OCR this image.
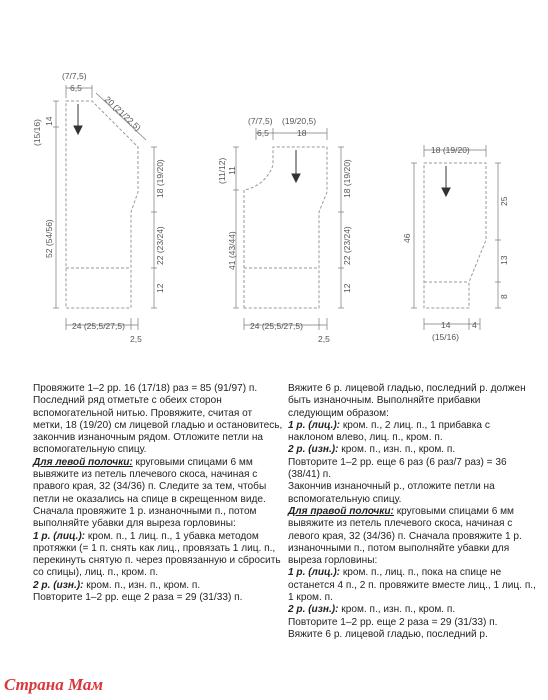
(7/7,5)
6,5
20 (21/22,5)
(15/16) 14
52 (54/56)
18 (19/20)
22 (23/24)
12
24 (25,5/27,5)
2,5
(7/7,5)
6,5
(19/20,5)
18
(11/12) 11
41 (43/44)
18 (19/20)
22 (23/24)
12
24 (25,5/27,5)
2,5
18 (19/20)
46
25
13
8
14	4
(15/16)

Провяжите 1–2 рр. 16 (17/18) раз = 85 (91/97) п. Последний ряд отметьте с обеих сторон вспомогательной нитью. Провяжите, считая от метки, 18 (19/20) см лицевой гладью и остановитесь, закончив изнаночным рядом. Отложите петли на вспомогательную спицу.

Для левой полочки: круговыми спицами 6 мм вывяжите из петель плечевого скоса, начиная с правого края, 32 (34/36) п. Следите за тем, чтобы петли не оказались на спице в скрещенном виде. Сначала провяжите 1 р. изнаночными п., потом выполняйте убавки для выреза горловины:

1 р. (лиц.): кром. п., 1 лиц. п., 1 убавка методом протяжки (= 1 п. снять как лиц., провязать 1 лиц. п., перекинуть снятую п. через провязанную и сбросить со спицы), лиц. п., кром. п.

2 р. (изн.): кром. п., изн. п., кром. п.

Повторите 1–2 рр. еще 2 раза = 29 (31/33) п.

Вяжите 6 р. лицевой гладью, последний р. должен быть изнаночным. Выполняйте прибавки следующим образом:

1 р. (лиц.): кром. п., 2 лиц. п., 1 прибавка с наклоном влево, лиц. п., кром. п.

2 р. (изн.): кром. п., изн. п., кром. п.

Повторите 1–2 рр. еще 6 раз (6 раз/7 раз) = 36 (38/41) п.

Закончив изнаночный р., отложите петли на вспомогательную спицу.

Для правой полочки: круговыми спицами 6 мм вывяжите из петель плечевого скоса, начиная с левого края, 32 (34/36) п. Сначала провяжите 1 р. изнаночными п., потом выполняйте убавки для выреза горловины:

1 р. (лиц.): кром. п., лиц. п., пока на спице не останется 4 п., 2 п. провяжите вместе лиц., 1 лиц. п., 1 кром. п.

2 р. (изн.): кром. п., изн. п., кром. п.

Повторите 1–2 рр. еще 2 раза = 29 (31/33) п.

Вяжите 6 р. лицевой гладью, последний р.

Страна Мам
